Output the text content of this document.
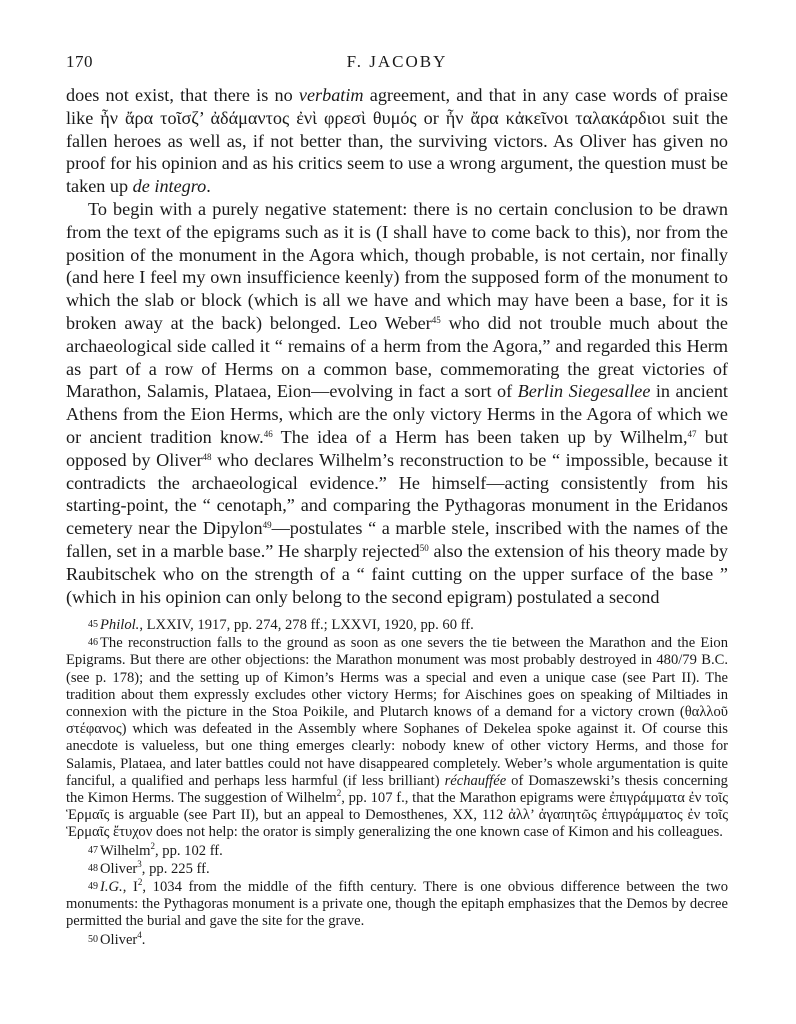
170	F. JACOBY

does not exist, that there is no verbatim agreement, and that in any case words of praise like ἦν ἄρα τοῖσζ’ ἀδάμαντος ἐνὶ φρεσὶ θυμός or ἦν ἄρα κἀκεῖνοι ταλακάρδιοι suit the fallen heroes as well as, if not better than, the surviving victors. As Oliver has given no proof for his opinion and as his critics seem to use a wrong argument, the question must be taken up de integro.

To begin with a purely negative statement: there is no certain conclusion to be drawn from the text of the epigrams such as it is (I shall have to come back to this), nor from the position of the monument in the Agora which, though probable, is not certain, nor finally (and here I feel my own insufficience keenly) from the supposed form of the monument to which the slab or block (which is all we have and which may have been a base, for it is broken away at the back) belonged. Leo Weber$^{45}$ who did not trouble much about the archaeological side called it “ remains of a herm from the Agora,” and regarded this Herm as part of a row of Herms on a common base, commemorating the great victories of Marathon, Salamis, Plataea, Eion—evolving in fact a sort of Berlin Siegesallee in ancient Athens from the Eion Herms, which are the only victory Herms in the Agora of which we or ancient tradition know.$^{46}$ The idea of a Herm has been taken up by Wilhelm,$^{47}$ but opposed by Oliver$^{48}$ who declares Wilhelm’s reconstruction to be “ impossible, because it contradicts the archaeological evidence.” He himself—acting consistently from his starting-point, the “ cenotaph,” and comparing the Pythagoras monument in the Eridanos cemetery near the Dipylon$^{49}$—postulates “ a marble stele, inscribed with the names of the fallen, set in a marble base.” He sharply rejected$^{50}$ also the extension of his theory made by Raubitschek who on the strength of a “ faint cutting on the upper surface of the base ” (which in his opinion can only belong to the second epigram) postulated a second

45 Philol., LXXIV, 1917, pp. 274, 278 ff.; LXXVI, 1920, pp. 60 ff.

46 The reconstruction falls to the ground as soon as one severs the tie between the Marathon and the Eion Epigrams. But there are other objections: the Marathon monument was most probably destroyed in 480/79 B.C. (see p. 178); and the setting up of Kimon’s Herms was a special and even a unique case (see Part II). The tradition about them expressly excludes other victory Herms; for Aischines goes on speaking of Miltiades in connexion with the picture in the Stoa Poikile, and Plutarch knows of a demand for a victory crown (θαλλοῦ στέφανος) which was defeated in the Assembly where Sophanes of Dekelea spoke against it. Of course this anecdote is valueless, but one thing emerges clearly: nobody knew of other victory Herms, and those for Salamis, Plataea, and later battles could not have disappeared completely. Weber’s whole argumentation is quite fanciful, a qualified and perhaps less harmful (if less brilliant) réchauffée of Domaszewski’s thesis concerning the Kimon Herms. The suggestion of Wilhelm$^2$, pp. 107 f., that the Marathon epigrams were ἐπιγράμματα ἐν τοῖς Ἑρμαῖς is arguable (see Part II), but an appeal to Demosthenes, XX, 112 ἀλλ’ ἀγαπητῶς ἐπιγράμματος ἐν τοῖς Ἑρμαῖς ἔτυχον does not help: the orator is simply generalizing the one known case of Kimon and his colleagues.

47 Wilhelm$^2$, pp. 102 ff.

48 Oliver$^3$, pp. 225 ff.

49 I.G., $I^2$, 1034 from the middle of the fifth century. There is one obvious difference between the two monuments: the Pythagoras monument is a private one, though the epitaph emphasizes that the Demos by decree permitted the burial and gave the site for the grave.

50 Oliver$^4$.
